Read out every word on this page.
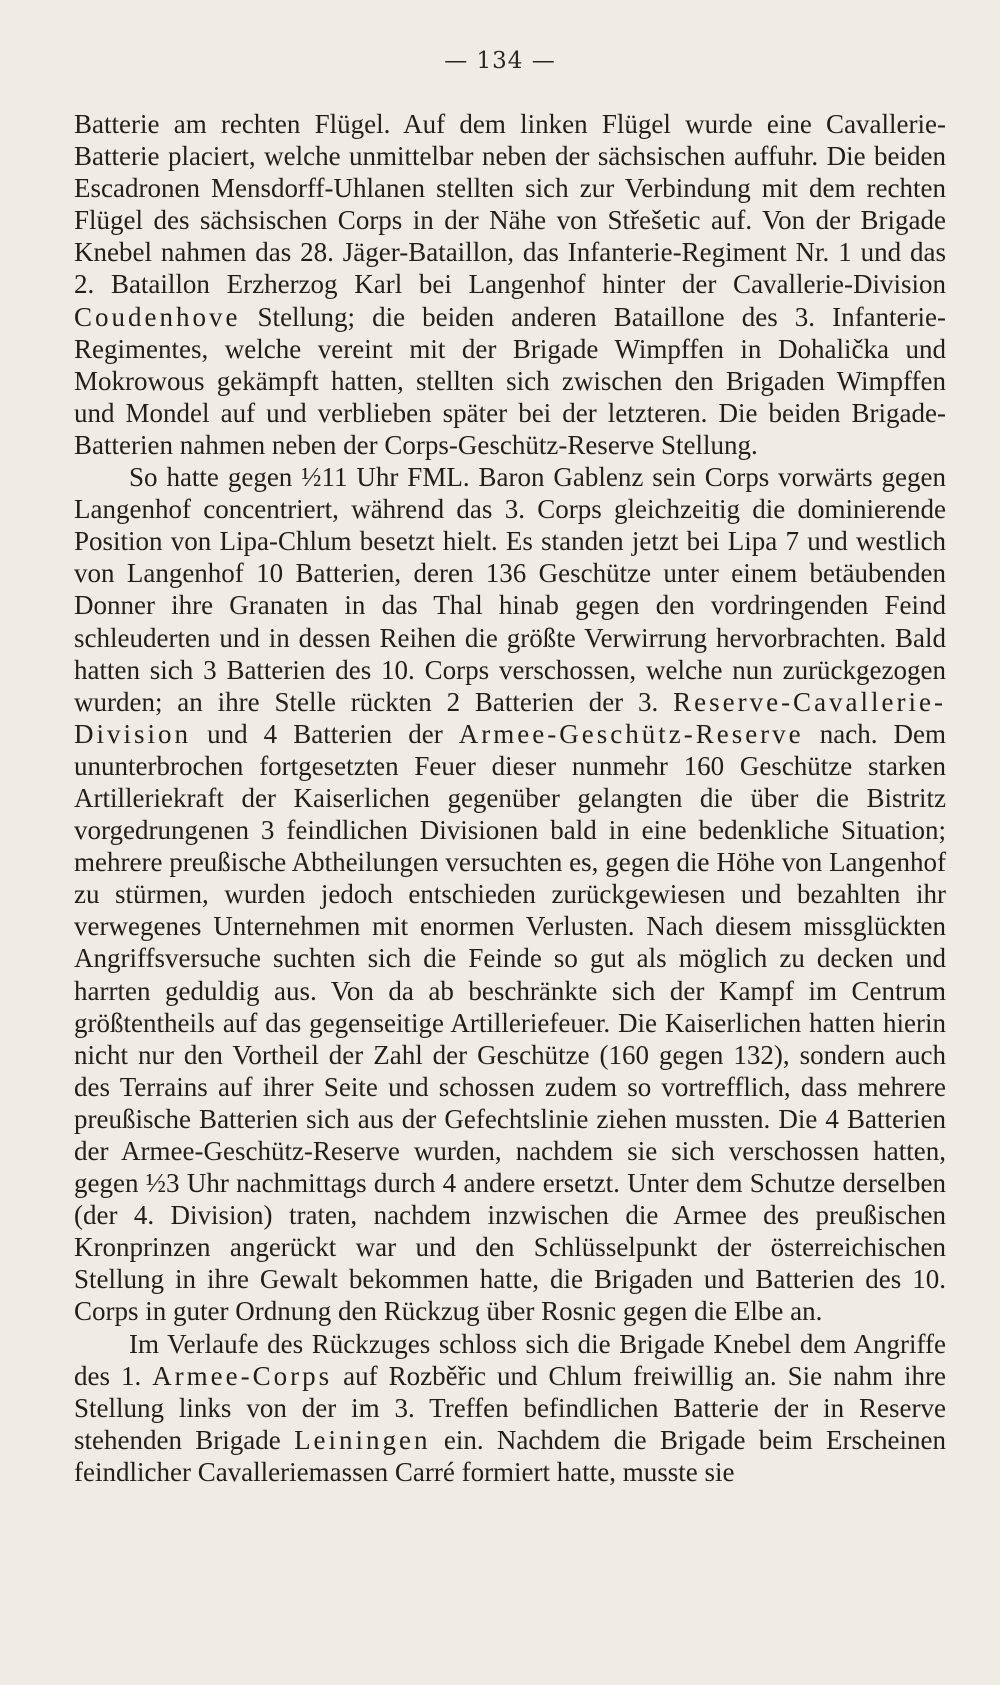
— 134 —

Batterie am rechten Flügel. Auf dem linken Flügel wurde eine Cavallerie-Batterie placiert, welche unmittelbar neben der sächsischen auffuhr. Die beiden Escadronen Mensdorff-Uhlanen stellten sich zur Verbindung mit dem rechten Flügel des sächsischen Corps in der Nähe von Střešetic auf. Von der Brigade Knebel nahmen das 28. Jäger-Bataillon, das Infanterie-Regiment Nr. 1 und das 2. Bataillon Erzherzog Karl bei Langenhof hinter der Cavallerie-Division Coudenhove Stellung; die beiden anderen Bataillone des 3. Infanterie-Regimentes, welche vereint mit der Brigade Wimpffen in Dohalička und Mokrowous gekämpft hatten, stellten sich zwischen den Brigaden Wimpffen und Mondel auf und verblieben später bei der letzteren. Die beiden Brigade-Batterien nahmen neben der Corps-Geschütz-Reserve Stellung.

So hatte gegen ½11 Uhr FML. Baron Gablenz sein Corps vorwärts gegen Langenhof concentriert, während das 3. Corps gleichzeitig die dominierende Position von Lipa-Chlum besetzt hielt. Es standen jetzt bei Lipa 7 und westlich von Langenhof 10 Batterien, deren 136 Geschütze unter einem betäubenden Donner ihre Granaten in das Thal hinab gegen den vordringenden Feind schleuderten und in dessen Reihen die größte Verwirrung hervorbrachten. Bald hatten sich 3 Batterien des 10. Corps verschossen, welche nun zurückgezogen wurden; an ihre Stelle rückten 2 Batterien der 3. Reserve-Cavallerie-Division und 4 Batterien der Armee-Geschütz-Reserve nach. Dem ununterbrochen fortgesetzten Feuer dieser nunmehr 160 Geschütze starken Artilleriekraft der Kaiserlichen gegenüber gelangten die über die Bistritz vorgedrungenen 3 feindlichen Divisionen bald in eine bedenkliche Situation; mehrere preußische Abtheilungen versuchten es, gegen die Höhe von Langenhof zu stürmen, wurden jedoch entschieden zurückgewiesen und bezahlten ihr verwegenes Unternehmen mit enormen Verlusten. Nach diesem missglückten Angriffsversuche suchten sich die Feinde so gut als möglich zu decken und harrten geduldig aus. Von da ab beschränkte sich der Kampf im Centrum größtentheils auf das gegenseitige Artilleriefeuer. Die Kaiserlichen hatten hierin nicht nur den Vortheil der Zahl der Geschütze (160 gegen 132), sondern auch des Terrains auf ihrer Seite und schossen zudem so vortrefflich, dass mehrere preußische Batterien sich aus der Gefechtslinie ziehen mussten. Die 4 Batterien der Armee-Geschütz-Reserve wurden, nachdem sie sich verschossen hatten, gegen ½3 Uhr nachmittags durch 4 andere ersetzt. Unter dem Schutze derselben (der 4. Division) traten, nachdem inzwischen die Armee des preußischen Kronprinzen angerückt war und den Schlüsselpunkt der österreichischen Stellung in ihre Gewalt bekommen hatte, die Brigaden und Batterien des 10. Corps in guter Ordnung den Rückzug über Rosnic gegen die Elbe an.

Im Verlaufe des Rückzuges schloss sich die Brigade Knebel dem Angriffe des 1. Armee-Corps auf Rozběřic und Chlum freiwillig an. Sie nahm ihre Stellung links von der im 3. Treffen befindlichen Batterie der in Reserve stehenden Brigade Leiningen ein. Nachdem die Brigade beim Erscheinen feindlicher Cavalleriemassen Carré formiert hatte, musste sie
